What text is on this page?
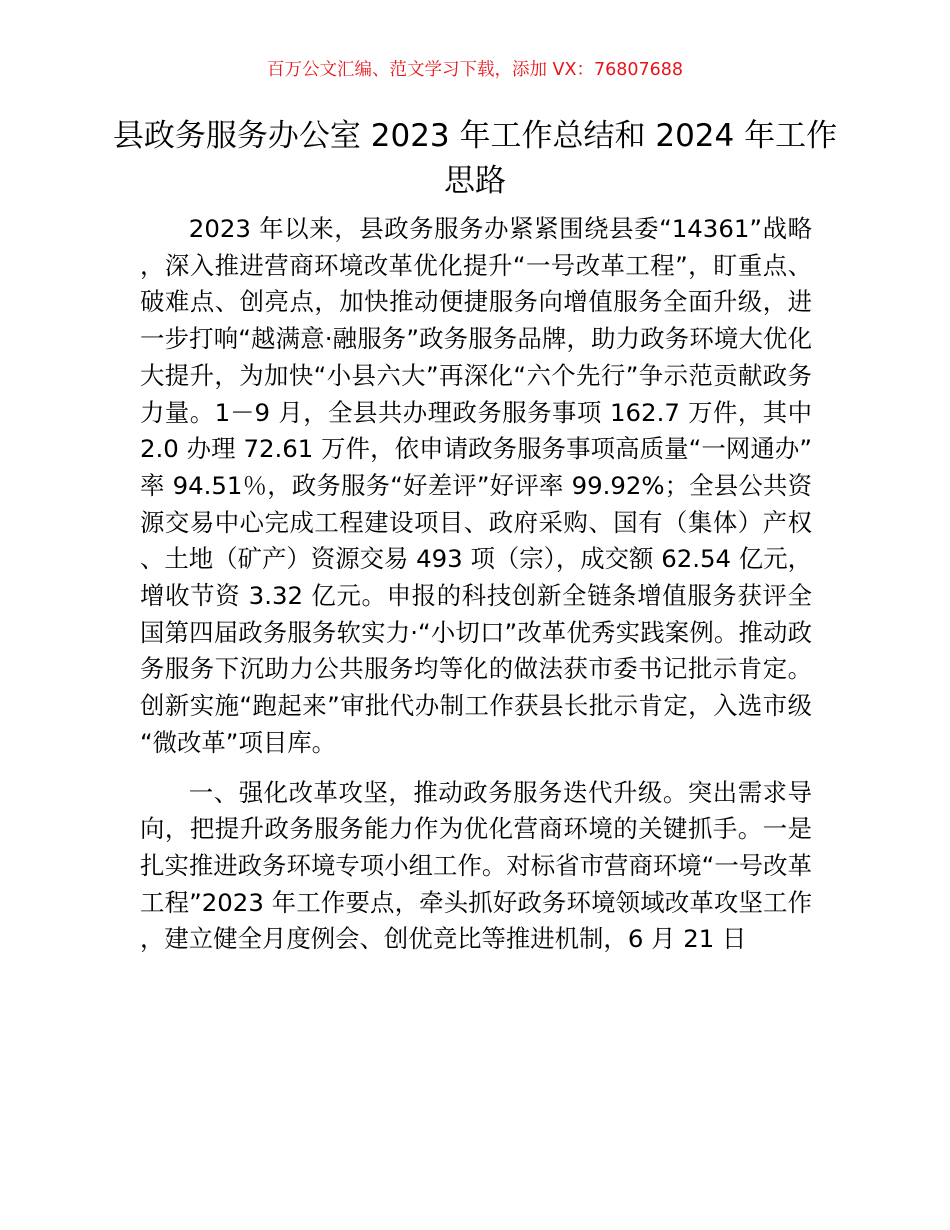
百万公文汇编、范文学习下载，添加 VX：76807688
县政务服务办公室 2023 年工作总结和 2024 年工作思路

2023 年以来，县政务服务办紧紧围绕县委“14361”战略，深入推进营商环境改革优化提升“一号改革工程”，盯重点、破难点、创亮点，加快推动便捷服务向增值服务全面升级，进一步打响“越满意·融服务”政务服务品牌，助力政务环境大优化大提升，为加快“小县六大”再深化“六个先行”争示范贡献政务力量。1－9 月，全县共办理政务服务事项 162.7 万件，其中 2.0 办理 72.61 万件，依申请政务服务事项高质量“一网通办”率 94.51％，政务服务“好差评”好评率 99.92%；全县公共资源交易中心完成工程建设项目、政府采购、国有（集体）产权、土地（矿产）资源交易 493 项（宗），成交额 62.54 亿元，增收节资 3.32 亿元。申报的科技创新全链条增值服务获评全国第四届政务服务软实力·“小切口”改革优秀实践案例。推动政务服务下沉助力公共服务均等化的做法获市委书记批示肯定。创新实施“跑起来”审批代办制工作获县长批示肯定，入选市级“微改革”项目库。

一、强化改革攻坚，推动政务服务迭代升级。突出需求导向，把提升政务服务能力作为优化营商环境的关键抓手。一是扎实推进政务环境专项小组工作。对标省市营商环境“一号改革工程”2023 年工作要点，牵头抓好政务环境领域改革攻坚工作，建立健全月度例会、创优竞比等推进机制，6 月 21 日
